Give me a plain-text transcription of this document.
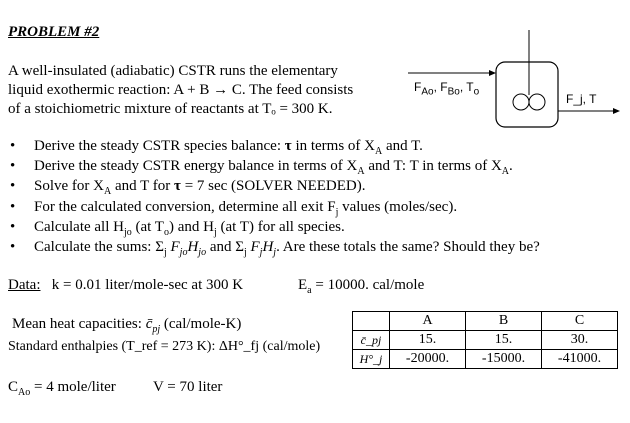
PROBLEM #2
A well-insulated (adiabatic) CSTR runs the elementary
liquid exothermic reaction: A + B → C. The feed consists
of a stoichiometric mixture of reactants at Tₒ = 300 K.
$F_{Ao}$, $F_{Bo}$, $T_o$
F_j, T
• Derive the steady CSTR species balance: τ in terms of $X_A$ and T.
• Derive the steady CSTR energy balance in terms of $X_A$ and T: T in terms of $X_A$.
• Solve for $X_A$ and T for τ = 7 sec (SOLVER NEEDED).
• For the calculated conversion, determine all exit $F_j$ values (moles/sec).
• Calculate all $H_{jo}$ (at $T_o$) and $H_j$ (at T) for all species.
• Calculate the sums: $\Sigma_j$ $F_{jo}H_{jo}$ and $\Sigma_j$ $F_jH_j$. Are these totals the same? Should they be?
Data: k = 0.01 liter/mole-sec at 300 K	$E_a = 10000$. cal/mole
Mean heat capacities: $c̄_{pj}$ (cal/mole-K)
Standard enthalpies (T_ref = 273 K): ΔH°_fj (cal/mole)
	A	B	C
c̄_pj	15.	15.	30.
H°_j	-20000.	-15000.	-41000.
$C_{Ao} = 4$ mole/liter V = 70 liter
